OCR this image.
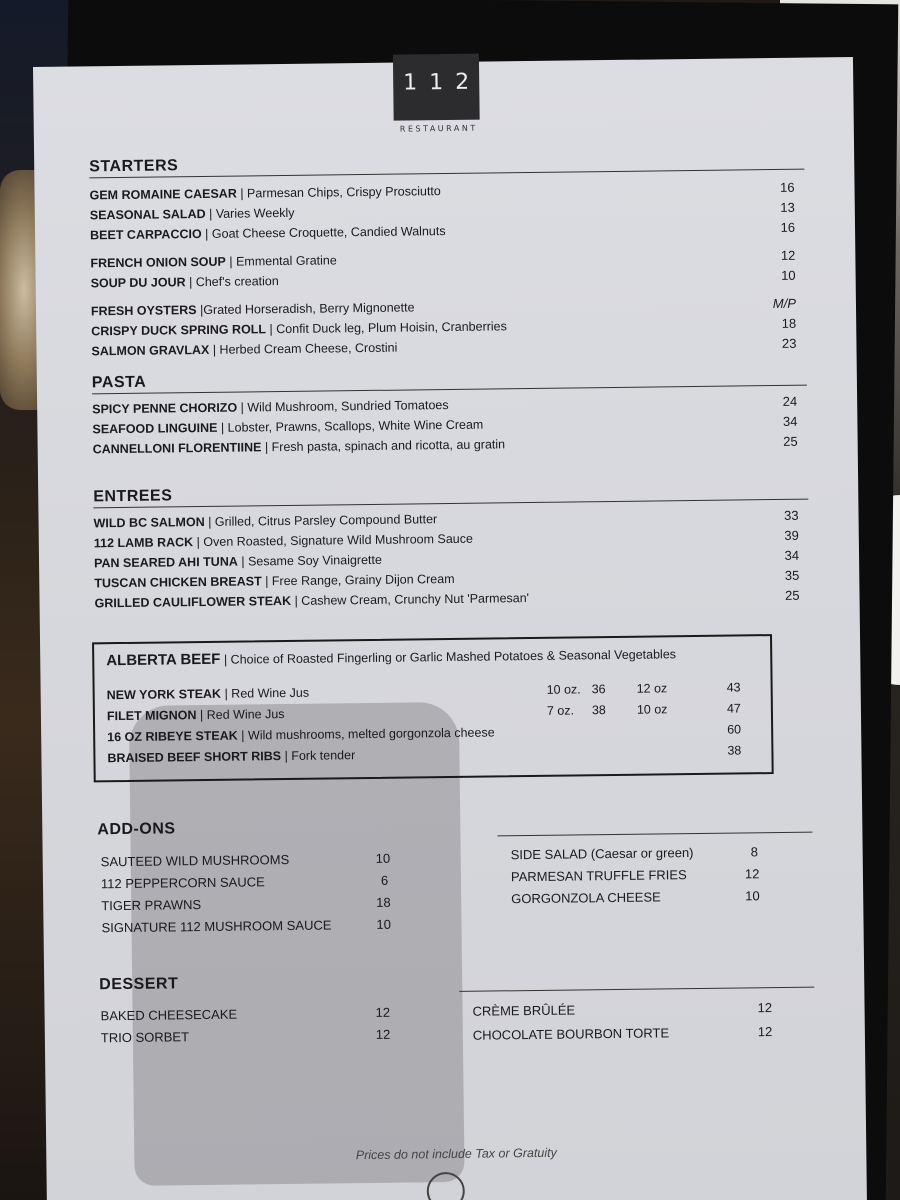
112
RESTAURANT
STARTERS
GEM ROMAINE CAESAR | Parmesan Chips, Crispy Prosciutto	16
SEASONAL SALAD | Varies Weekly	13
BEET CARPACCIO | Goat Cheese Croquette, Candied Walnuts	16
FRENCH ONION SOUP | Emmental Gratine	12
SOUP DU JOUR | Chef's creation	10
FRESH OYSTERS |Grated Horseradish, Berry Mignonette	M/P
CRISPY DUCK SPRING ROLL | Confit Duck leg, Plum Hoisin, Cranberries	18
SALMON GRAVLAX | Herbed Cream Cheese, Crostini	23
PASTA
SPICY PENNE CHORIZO | Wild Mushroom, Sundried Tomatoes	24
SEAFOOD LINGUINE | Lobster, Prawns, Scallops, White Wine Cream	34
CANNELLONI FLORENTIINE | Fresh pasta, spinach and ricotta, au gratin	25
ENTREES
WILD BC SALMON | Grilled, Citrus Parsley Compound Butter	33
112 LAMB RACK | Oven Roasted, Signature Wild Mushroom Sauce	39
PAN SEARED AHI TUNA | Sesame Soy Vinaigrette	34
TUSCAN CHICKEN BREAST | Free Range, Grainy Dijon Cream	35
GRILLED CAULIFLOWER STEAK | Cashew Cream, Crunchy Nut 'Parmesan'	25
ALBERTA BEEF | Choice of Roasted Fingerling or Garlic Mashed Potatoes & Seasonal Vegetables
NEW YORK STEAK | Red Wine Jus	10 oz. 36 12 oz	43
FILET MIGNON | Red Wine Jus	7 oz. 38 10 oz	47
16 OZ RIBEYE STEAK | Wild mushrooms, melted gorgonzola cheese	60
BRAISED BEEF SHORT RIBS | Fork tender	38
ADD-ONS
SAUTEED WILD MUSHROOMS	10
112 PEPPERCORN SAUCE	6
TIGER PRAWNS	18
SIGNATURE 112 MUSHROOM SAUCE	10
SIDE SALAD (Caesar or green)	8
PARMESAN TRUFFLE FRIES	12
GORGONZOLA CHEESE	10
DESSERT
BAKED CHEESECAKE	12
TRIO SORBET	12
CRÈME BRÛLÉE	12
CHOCOLATE BOURBON TORTE	12
Prices do not include Tax or Gratuity
